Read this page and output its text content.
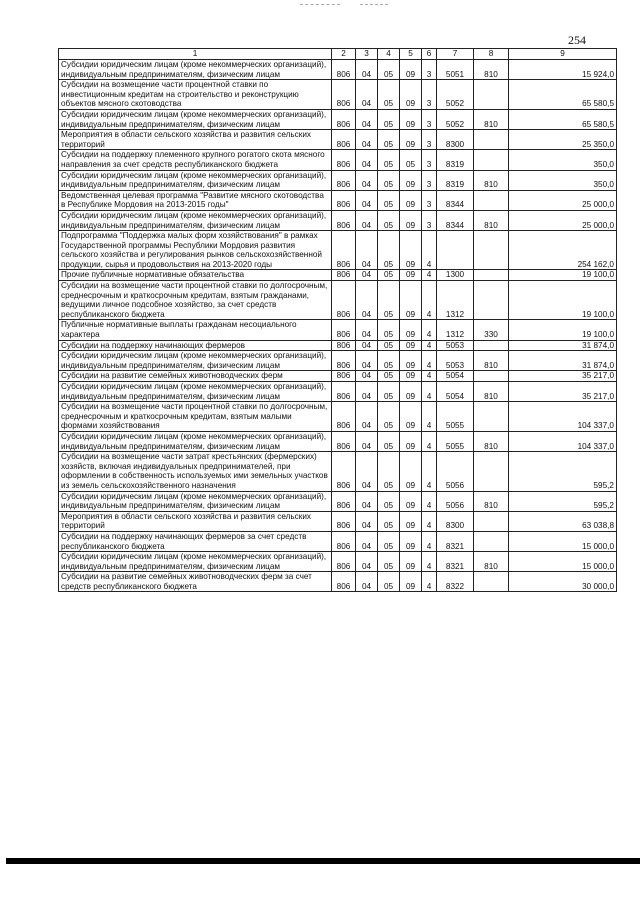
254
1	2	3	4	5	6	7	8	9
Субсидии юридическим лицам (кроме некоммерческих организаций), индивидуальным предпринимателям, физическим лицам	806	04	05	09	3	5051	810	15 924,0
Субсидии на возмещение части процентной ставки по инвестиционным кредитам на строительство и реконструкцию объектов мясного скотоводства	806	04	05	09	3	5052		65 580,5
Субсидии юридическим лицам (кроме некоммерческих организаций), индивидуальным предпринимателям, физическим лицам	806	04	05	09	3	5052	810	65 580,5
Мероприятия в области сельского хозяйства и развития сельских территорий	806	04	05	09	3	8300		25 350,0
Субсидии на поддержку племенного крупного рогатого скота мясного направления за счет средств республиканского бюджета	806	04	05	05	3	8319		350,0
Субсидии юридическим лицам (кроме некоммерческих организаций), индивидуальным предпринимателям, физическим лицам	806	04	05	09	3	8319	810	350,0
Ведомственная целевая программа "Развитие мясного скотоводства в Республике Мордовия на 2013-2015 годы"	806	04	05	09	3	8344		25 000,0
Субсидии юридическим лицам (кроме некоммерческих организаций), индивидуальным предпринимателям, физическим лицам	806	04	05	09	3	8344	810	25 000,0
Подпрограмма "Поддержка малых форм хозяйствования" в рамках Государственной программы Республики Мордовия развития сельского хозяйства и регулирования рынков сельскохозяйственной продукции, сырья и продовольствия на 2013-2020 годы	806	04	05	09	4			254 162,0
Прочие публичные нормативные обязательства	806	04	05	09	4	1300		19 100,0
Субсидии на возмещение части процентной ставки по долгосрочным, среднесрочным и краткосрочным кредитам, взятым гражданами, ведущими личное подсобное хозяйство, за счет средств республиканского бюджета	806	04	05	09	4	1312		19 100,0
Публичные нормативные выплаты гражданам несоциального характера	806	04	05	09	4	1312	330	19 100,0
Субсидии на поддержку начинающих фермеров	806	04	05	09	4	5053		31 874,0
Субсидии юридическим лицам (кроме некоммерческих организаций), индивидуальным предпринимателям, физическим лицам	806	04	05	09	4	5053	810	31 874,0
Субсидии на развитие семейных животноводческих ферм	806	04	05	09	4	5054		35 217,0
Субсидии юридическим лицам (кроме некоммерческих организаций), индивидуальным предпринимателям, физическим лицам	806	04	05	09	4	5054	810	35 217,0
Субсидии на возмещение части процентной ставки по долгосрочным, среднесрочным и краткосрочным кредитам, взятым малыми формами хозяйствования	806	04	05	09	4	5055		104 337,0
Субсидии юридическим лицам (кроме некоммерческих организаций), индивидуальным предпринимателям, физическим лицам	806	04	05	09	4	5055	810	104 337,0
Субсидии на возмещение части затрат крестьянских (фермерских) хозяйств, включая индивидуальных предпринимателей, при оформлении в собственность используемых ими земельных участков из земель сельскохозяйственного назначения	806	04	05	09	4	5056		595,2
Субсидии юридическим лицам (кроме некоммерческих организаций), индивидуальным предпринимателям, физическим лицам	806	04	05	09	4	5056	810	595,2
Мероприятия в области сельского хозяйства и развития сельских территорий	806	04	05	09	4	8300		63 038,8
Субсидии на поддержку начинающих фермеров за счет средств республиканского бюджета	806	04	05	09	4	8321		15 000,0
Субсидии юридическим лицам (кроме некоммерческих организаций), индивидуальным предпринимателям, физическим лицам	806	04	05	09	4	8321	810	15 000,0
Субсидии на развитие семейных животноводческих ферм за счет средств республиканского бюджета	806	04	05	09	4	8322		30 000,0
